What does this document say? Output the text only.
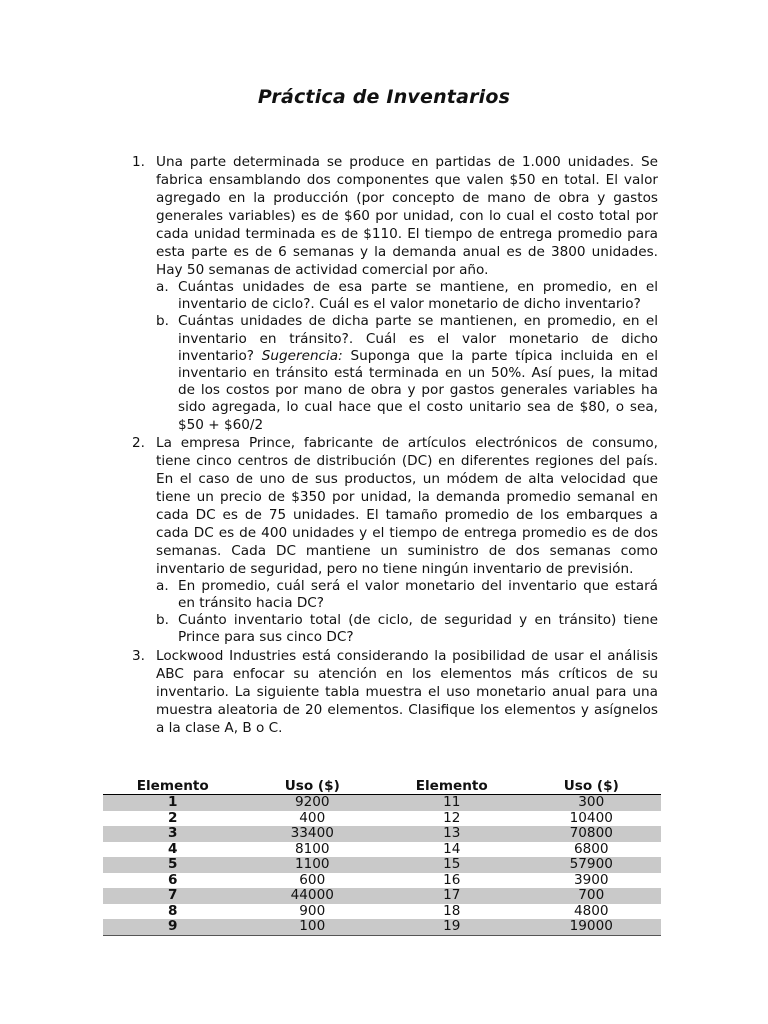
Práctica de Inventarios
1. Una parte determinada se produce en partidas de 1.000 unidades. Se fabrica ensamblando dos componentes que valen $50 en total. El valor agregado en la producción (por concepto de mano de obra y gastos generales variables) es de $60 por unidad, con lo cual el costo total por cada unidad terminada es de $110. El tiempo de entrega promedio para esta parte es de 6 semanas y la demanda anual es de 3800 unidades. Hay 50 semanas de actividad comercial por año.
a. Cuántas unidades de esa parte se mantiene, en promedio, en el inventario de ciclo?. Cuál es el valor monetario de dicho inventario?
b. Cuántas unidades de dicha parte se mantienen, en promedio, en el inventario en tránsito?. Cuál es el valor monetario de dicho inventario? Sugerencia: Suponga que la parte típica incluida en el inventario en tránsito está terminada en un 50%. Así pues, la mitad de los costos por mano de obra y por gastos generales variables ha sido agregada, lo cual hace que el costo unitario sea de $80, o sea, $50 + $60/2
2. La empresa Prince, fabricante de artículos electrónicos de consumo, tiene cinco centros de distribución (DC) en diferentes regiones del país. En el caso de uno de sus productos, un módem de alta velocidad que tiene un precio de $350 por unidad, la demanda promedio semanal en cada DC es de 75 unidades. El tamaño promedio de los embarques a cada DC es de 400 unidades y el tiempo de entrega promedio es de dos semanas. Cada DC mantiene un suministro de dos semanas como inventario de seguridad, pero no tiene ningún inventario de previsión.
a. En promedio, cuál será el valor monetario del inventario que estará en tránsito hacia DC?
b. Cuánto inventario total (de ciclo, de seguridad y en tránsito) tiene Prince para sus cinco DC?
3. Lockwood Industries está considerando la posibilidad de usar el análisis ABC para enfocar su atención en los elementos más críticos de su inventario. La siguiente tabla muestra el uso monetario anual para una muestra aleatoria de 20 elementos. Clasifique los elementos y asígnelos a la clase A, B o C.
Elemento	Uso ($)	Elemento	Uso ($)
1	9200	11	300
2	400	12	10400
3	33400	13	70800
4	8100	14	6800
5	1100	15	57900
6	600	16	3900
7	44000	17	700
8	900	18	4800
9	100	19	19000
